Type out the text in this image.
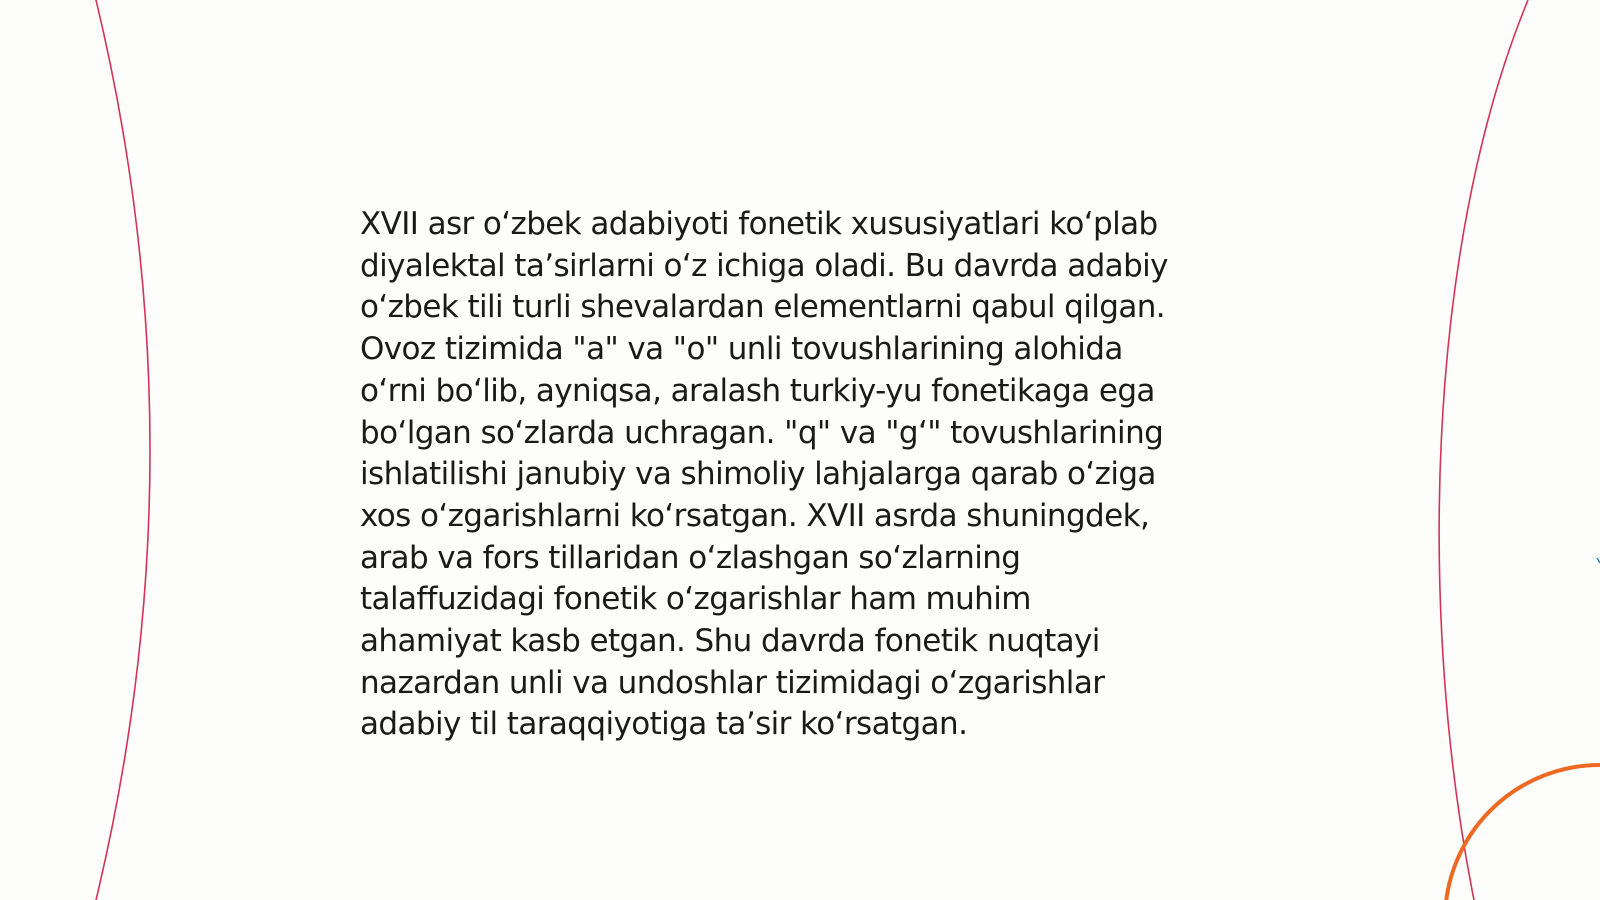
XVII asr oʻzbek adabiyoti fonetik xususiyatlari koʻplab
diyalektal taʼsirlarni oʻz ichiga oladi. Bu davrda adabiy
oʻzbek tili turli shevalardan elementlarni qabul qilgan.
Ovoz tizimida "a" va "o" unli tovushlarining alohida
oʻrni boʻlib, ayniqsa, aralash turkiy-yu fonetikaga ega
boʻlgan soʻzlarda uchragan. "q" va "gʻ" tovushlarining
ishlatilishi janubiy va shimoliy lahjalarga qarab oʻziga
xos oʻzgarishlarni koʻrsatgan. XVII asrda shuningdek,
arab va fors tillaridan oʻzlashgan soʻzlarning
talaffuzidagi fonetik oʻzgarishlar ham muhim
ahamiyat kasb etgan. Shu davrda fonetik nuqtayi
nazardan unli va undoshlar tizimidagi oʻzgarishlar
adabiy til taraqqiyotiga taʼsir koʻrsatgan.
